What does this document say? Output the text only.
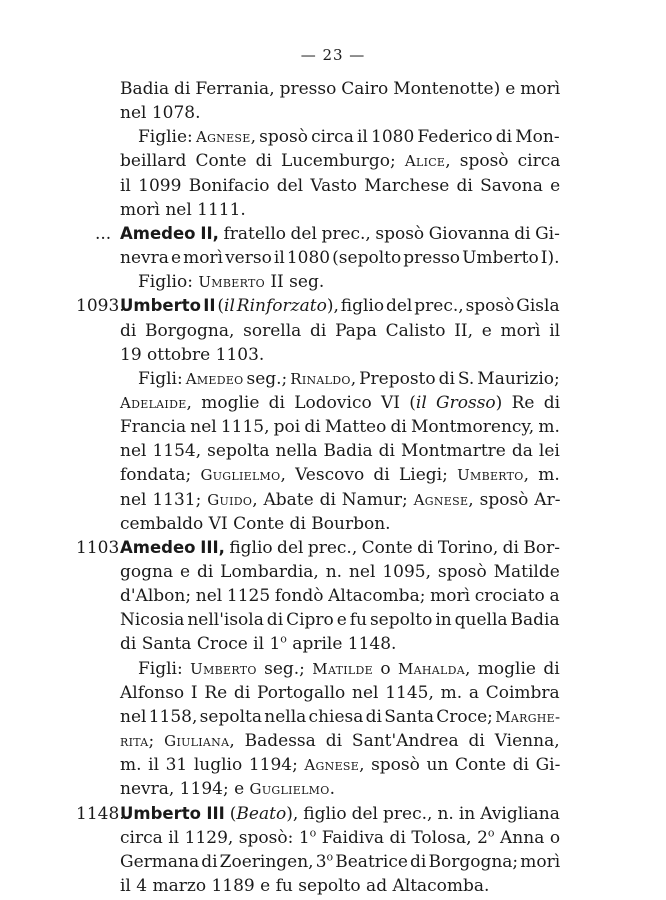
— 23 —
Badia di Ferrania, presso Cairo Montenotte) e morì
nel 1078.
Figlie: Agnese, sposò circa il 1080 Federico di Mon-
beillard Conte di Lucemburgo; Alice, sposò circa
il 1099 Bonifacio del Vasto Marchese di Savona e
morì nel 1111.
... Amedeo II, fratello del prec., sposò Giovanna di Gi-
nevra e morì verso il 1080 (sepolto presso Umberto I).
Figlio: Umberto II seg.
1093.
Umberto II (il Rinforzato), figlio del prec., sposò Gisla
di Borgogna, sorella di Papa Calisto II, e morì il
19 ottobre 1103.
Figli: Amedeo seg.; Rinaldo, Preposto di S. Maurizio;
Adelaide, moglie di Lodovico VI (il Grosso) Re di
Francia nel 1115, poi di Matteo di Montmorency, m.
nel 1154, sepolta nella Badia di Montmartre da lei
fondata; Guglielmo, Vescovo di Liegi; Umberto, m.
nel 1131; Guido, Abate di Namur; Agnese, sposò Ar-
cembaldo VI Conte di Bourbon.
1103.
Amedeo III, figlio del prec., Conte di Torino, di Bor-
gogna e di Lombardia, n. nel 1095, sposò Matilde
d'Albon; nel 1125 fondò Altacomba; morì crociato a
Nicosia nell'isola di Cipro e fu sepolto in quella Badia
di Santa Croce il 1$^o$ aprile 1148.
Figli: Umberto seg.; Matilde o Mahalda, moglie di
Alfonso I Re di Portogallo nel 1145, m. a Coimbra
nel 1158, sepolta nella chiesa di Santa Croce; Marghe-
rita; Giuliana, Badessa di Sant'Andrea di Vienna,
m. il 31 luglio 1194; Agnese, sposò un Conte di Gi-
nevra, 1194; e Guglielmo.
1148.
Umberto III (Beato), figlio del prec., n. in Avigliana
circa il 1129, sposò: 1$^o$ Faidiva di Tolosa, 2$^o$ Anna o
Germana di Zoeringen, 3$^o$ Beatrice di Borgogna; morì
il 4 marzo 1189 e fu sepolto ad Altacomba.
